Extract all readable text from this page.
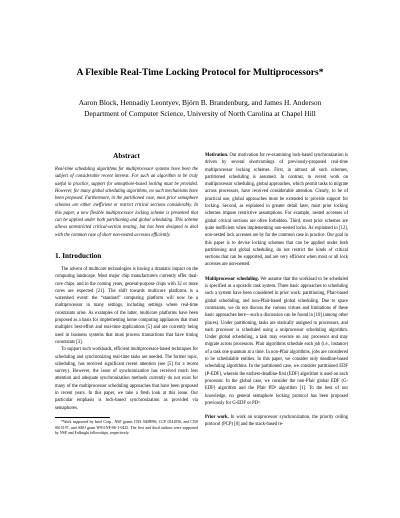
A Flexible Real-Time Locking Protocol for Multiprocessors*
Aaron Block, Hennadiy Leontyev, Björn B. Brandenburg, and James H. Anderson
Department of Computer Science, University of North Carolina at Chapel Hill
Abstract

Real-time scheduling algorithms for multiprocessor systems have been the subject of considerable recent interest. For such an algorithm to be truly useful in practice, support for semaphore-based locking must be provided. However, for many global scheduling algorithms, no such mechanisms have been proposed. Furthermore, in the partitioned case, most prior semaphore schemes are either inefficient or restrict critical sections considerably. In this paper, a new flexible multiprocessor locking scheme is presented that can be applied under both partitioning and global scheduling. This scheme allows unrestricted critical-section nesting, but has been designed to deal with the common case of short non-nested accesses efficiently.

1. Introduction

The advent of multicore technologies is having a dramatic impact on the computing landscape. Most major chip manufacturers currently offer dual-core chips, and in the coming years, general-purpose chips with 32 or more cores are expected [21]. The shift towards multicore platforms is a watershed event: the “standard” computing platform will now be a multiprocessor in many settings, including settings where real-time constraints arise. As examples of the latter, multicore platforms have been proposed as a basis for implementing home computing appliances that must multiplex best-effort and real-time applications [5] and are currently being used in business systems that must process transactions that have timing constraints [3].

To support such workloads, efficient multiprocessor-based techniques for scheduling and synchronizing real-time tasks are needed. The former topic, scheduling, has received significant recent attention (see [5] for a recent survey). However, the issue of synchronization has received much less attention and adequate synchronization methods currently do not exist for many of the multiprocessor scheduling approaches that have been proposed in recent years. In this paper, we take a fresh look at this issue. Our particular emphasis is lock-based synchronization as provided via semaphores.

*Work supported by Intel Corp., NSF grants CNS 0408996, CCF 0541056, and CNS 0615197, and ARO grant W911NF-06-1-0425. The first and third authors were supported by NSF and Fulbright fellowships, respectively.

Motivation. Our motivation for re-examining lock-based synchronization is driven by several shortcomings of previously-proposed real-time multiprocessor locking schemes. First, in almost all such schemes, partitioned scheduling is assumed. In contrast, in recent work on multiprocessor scheduling, global approaches, which permit tasks to migrate across processors, have received considerable attention. Clearly, to be of practical use, global approaches must be extended to provide support for locking. Second, as explained in greater detail later, most prior locking schemes impose restrictive assumptions. For example, nested accesses of global critical sections are often forbidden. Third, most prior schemes are quite inefficient when implementing non-nested locks. As explained in [12], non-nested lock accesses are by far the common case in practice. Our goal in this paper is to devise locking schemes that can be applied under both partitioning and global scheduling, do not restrict the kinds of critical sections that can be supported, and are very efficient when most or all lock accesses are non-nested.

Multiprocessor scheduling. We assume that the workload to be scheduled is specified as a sporadic task system. Three basic approaches to scheduling such a system have been considered in prior work: partitioning, Pfair-based global scheduling, and non-Pfair-based global scheduling. Due to space constraints, we do not discuss the various virtues and limitations of these basic approaches here—such a discussion can be found in [10] (among other places). Under partitioning, tasks are statically assigned to processors, and each processor is scheduled using a uniprocessor scheduling algorithm. Under global scheduling, a task may execute on any processor and may migrate across processors. Pfair algorithms schedule each job (i.e., instance) of a task one quantum at a time. In non-Pfair algorithms, jobs are considered to be schedulable entities. In this paper, we consider only deadline-based scheduling algorithms. In the partitioned case, we consider partitioned EDF (P-EDF), wherein the earliest-deadline-first (EDF) algorithm is used on each processor. In the global case, we consider the non-Pfair global EDF (G-EDF) algorithm and the Pfair PD² algorithm [1]. To the best of our knowledge, no general semaphore locking protocol has been proposed previously for G-EDF or PD².

Prior work. In work on uniprocessor synchronization, the priority ceiling protocol (PCP) [8] and the stack-based re-
